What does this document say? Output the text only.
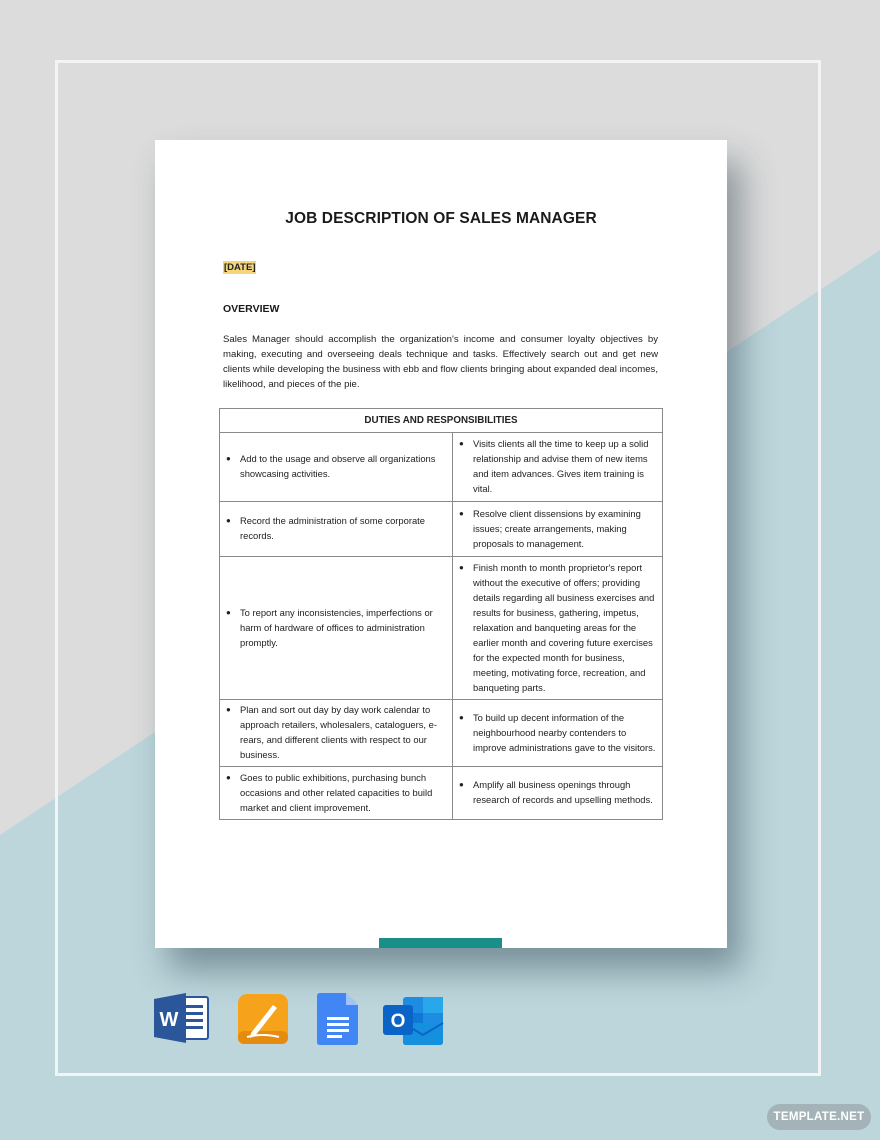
JOB DESCRIPTION OF SALES MANAGER
[DATE]
OVERVIEW
Sales Manager should accomplish the organization's income and consumer loyalty objectives by making, executing and overseeing deals technique and tasks. Effectively search out and get new clients while developing the business with ebb and flow clients bringing about expanded deal incomes, likelihood, and pieces of the pie.
DUTIES AND RESPONSIBILITIES	

● Add to the usage and observe all organizations showcasing activities.	● Visits clients all the time to keep up a solid relationship and advise them of new items and item advances. Gives item training is vital.

● Record the administration of some corporate records.	● Resolve client dissensions by examining issues; create arrangements, making proposals to management.

● To report any inconsistencies, imperfections or harm of hardware of offices to administration promptly.	● Finish month to month proprietor's report without the executive of offers; providing details regarding all business exercises and results for business, gathering, impetus, relaxation and banqueting areas for the earlier month and covering future exercises for the expected month for business, meeting, motivating force, recreation, and banqueting parts.

● Plan and sort out day by day work calendar to approach retailers, wholesalers, cataloguers, e-rears, and different clients with respect to our business.	● To build up decent information of the neighbourhood nearby contenders to improve administrations gave to the visitors.

● Goes to public exhibitions, purchasing bunch occasions and other related capacities to build market and client improvement.	● Amplify all business openings through research of records and upselling methods.
W	O
TEMPLATE.NET
